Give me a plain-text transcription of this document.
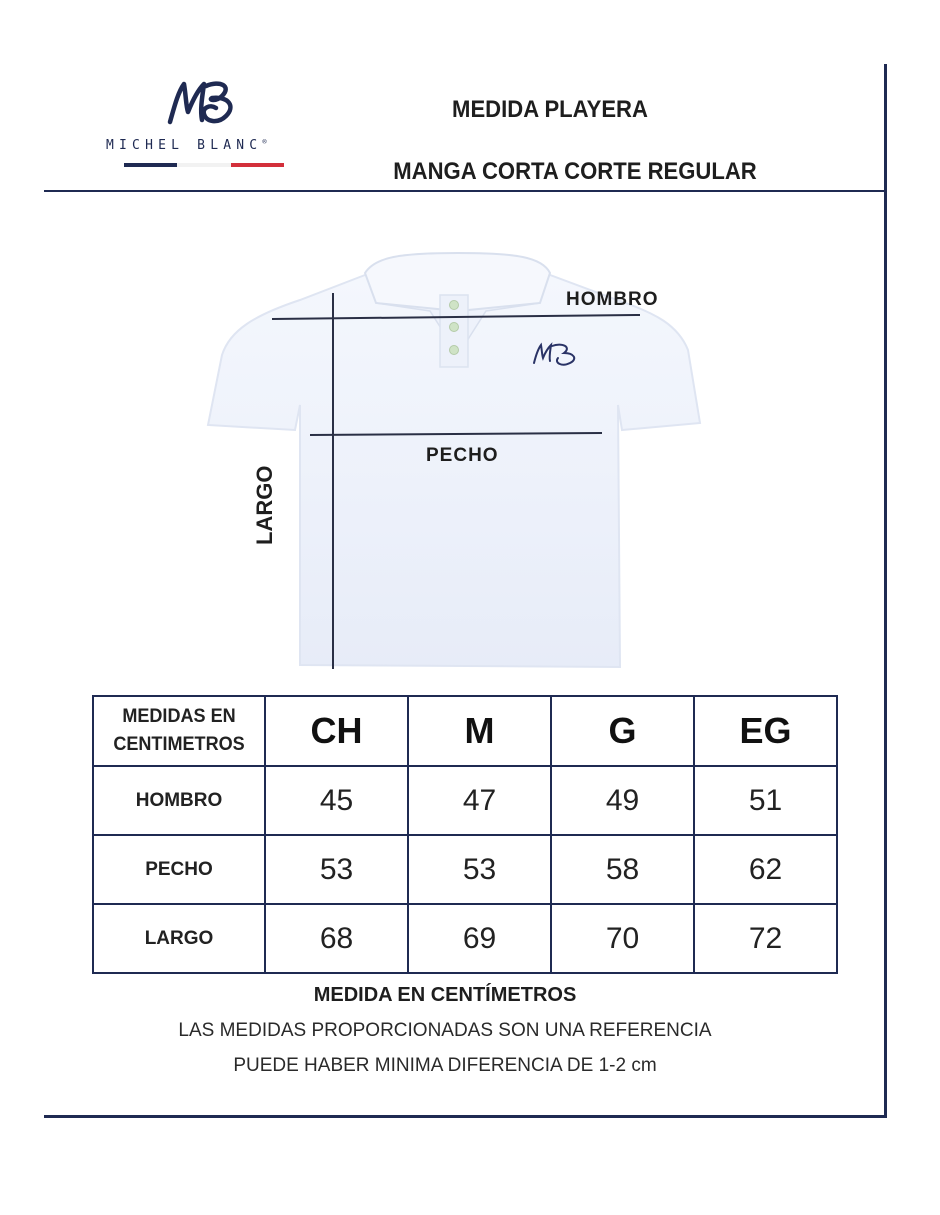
MICHEL BLANC®
MEDIDA PLAYERA
MANGA CORTA CORTE REGULAR
HOMBRO
PECHO
LARGO
MEDIDAS EN
CENTIMETROS	CH	M	G	EG
HOMBRO	45	47	49	51
PECHO	53	53	58	62
LARGO	68	69	70	72
MEDIDA EN CENTÍMETROS
LAS MEDIDAS PROPORCIONADAS SON UNA REFERENCIA
PUEDE HABER MINIMA DIFERENCIA DE 1-2 cm
